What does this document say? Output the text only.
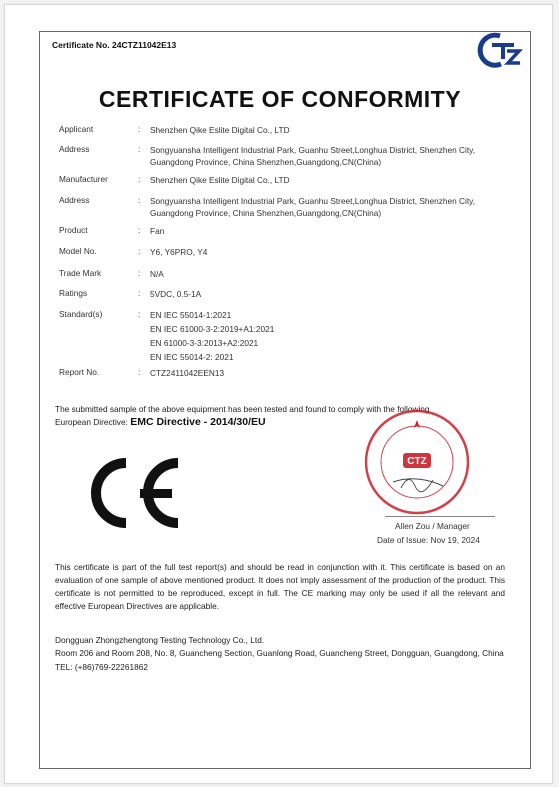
Certificate No. 24CTZ11042E13
CERTIFICATE OF CONFORMITY
Applicant	: Shenzhen Qike Eslite Digital Co., LTD
Address	: Songyuansha Intelligent Industrial Park, Guanhu Street,Longhua District, Shenzhen City, Guangdong Province, China Shenzhen,Guangdong,CN(China)
Manufacturer	: Shenzhen Qike Eslite Digital Co., LTD
Address	: Songyuansha Intelligent Industrial Park, Guanhu Street,Longhua District, Shenzhen City, Guangdong Province, China Shenzhen,Guangdong,CN(China)
Product	: Fan
Model No.	: Y6, Y6PRO, Y4
Trade Mark	: N/A
Ratings	: 5VDC, 0.5-1A
Standard(s)	: EN IEC 55014-1:2021
EN IEC 61000-3-2:2019+A1:2021
EN 61000-3-3:2013+A2:2021
EN IEC 55014-2: 2021
Report No.	: CTZ2411042EEN13
The submitted sample of the above equipment has been tested and found to comply with the following
European Directive: EMC Directive - 2014/30/EU
CTZ
Allen Zou / Manager
Date of Issue: Nov 19, 2024
This certificate is part of the full test report(s) and should be read in conjunction with it. This certificate is based on an evaluation of one sample of above mentioned product. It does not imply assessment of the production of the product. This certificate is not permitted to be reproduced, except in full. The CE marking may only be used if all the relevant and effective European Directives are applicable.
Dongguan Zhongzhengtong Testing Technology Co., Ltd.
Room 206 and Room 208, No. 8, Guancheng Section, Guanlong Road, Guancheng Street, Dongguan, Guangdong, China
TEL: (+86)769-22261862
